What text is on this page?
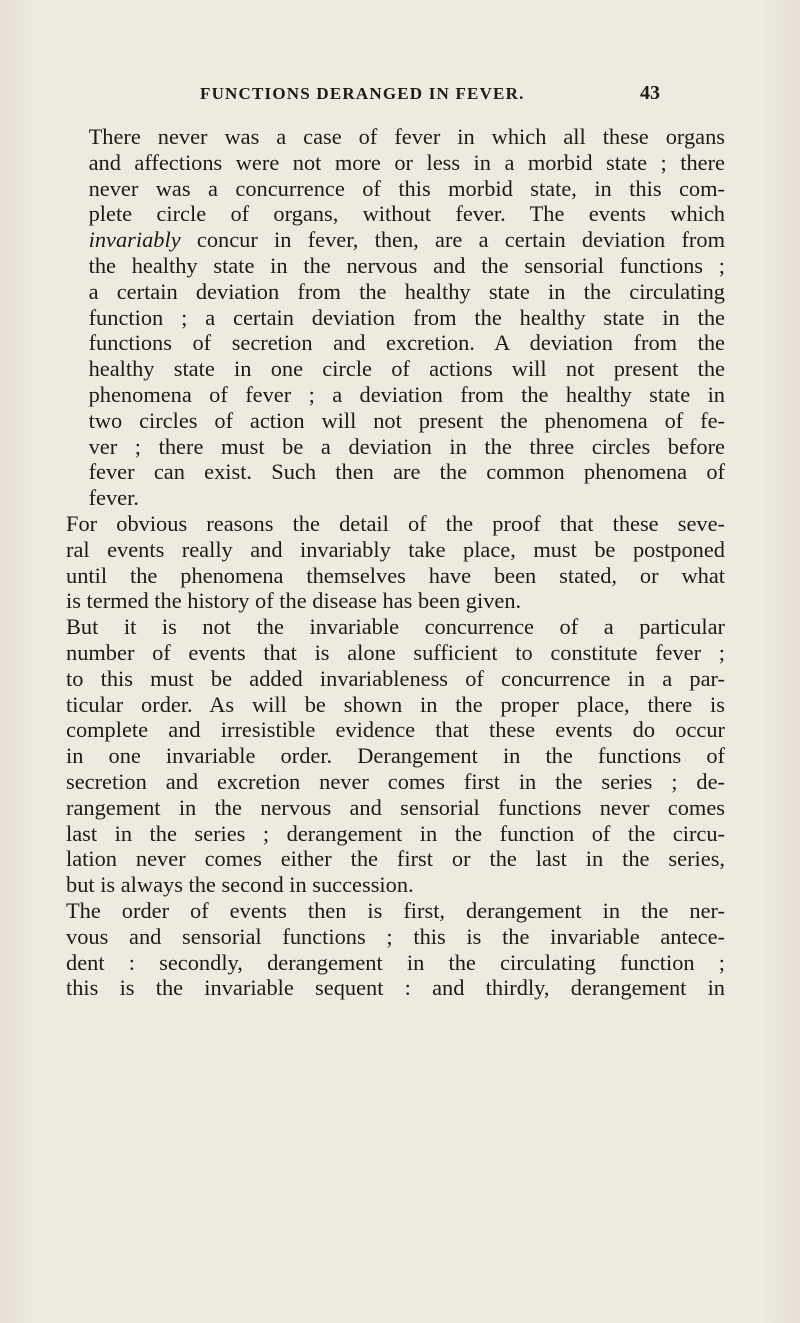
FUNCTIONS DERANGED IN FEVER.	43

There never was a case of fever in which all these organs
and affections were not more or less in a morbid state ; there
never was a concurrence of this morbid state, in this com-
plete circle of organs, without fever. The events which
invariably concur in fever, then, are a certain deviation from
the healthy state in the nervous and the sensorial functions ;
a certain deviation from the healthy state in the circulating
function ; a certain deviation from the healthy state in the
functions of secretion and excretion. A deviation from the
healthy state in one circle of actions will not present the
phenomena of fever ; a deviation from the healthy state in
two circles of action will not present the phenomena of fe-
ver ; there must be a deviation in the three circles before
fever can exist. Such then are the common phenomena of
fever.

For obvious reasons the detail of the proof that these seve-
ral events really and invariably take place, must be postponed
until the phenomena themselves have been stated, or what
is termed the history of the disease has been given.

But it is not the invariable concurrence of a particular
number of events that is alone sufficient to constitute fever ;
to this must be added invariableness of concurrence in a par-
ticular order. As will be shown in the proper place, there is
complete and irresistible evidence that these events do occur
in one invariable order. Derangement in the functions of
secretion and excretion never comes first in the series ; de-
rangement in the nervous and sensorial functions never comes
last in the series ; derangement in the function of the circu-
lation never comes either the first or the last in the series,
but is always the second in succession.

The order of events then is first, derangement in the ner-
vous and sensorial functions ; this is the invariable antece-
dent : secondly, derangement in the circulating function ;
this is the invariable sequent : and thirdly, derangement in
